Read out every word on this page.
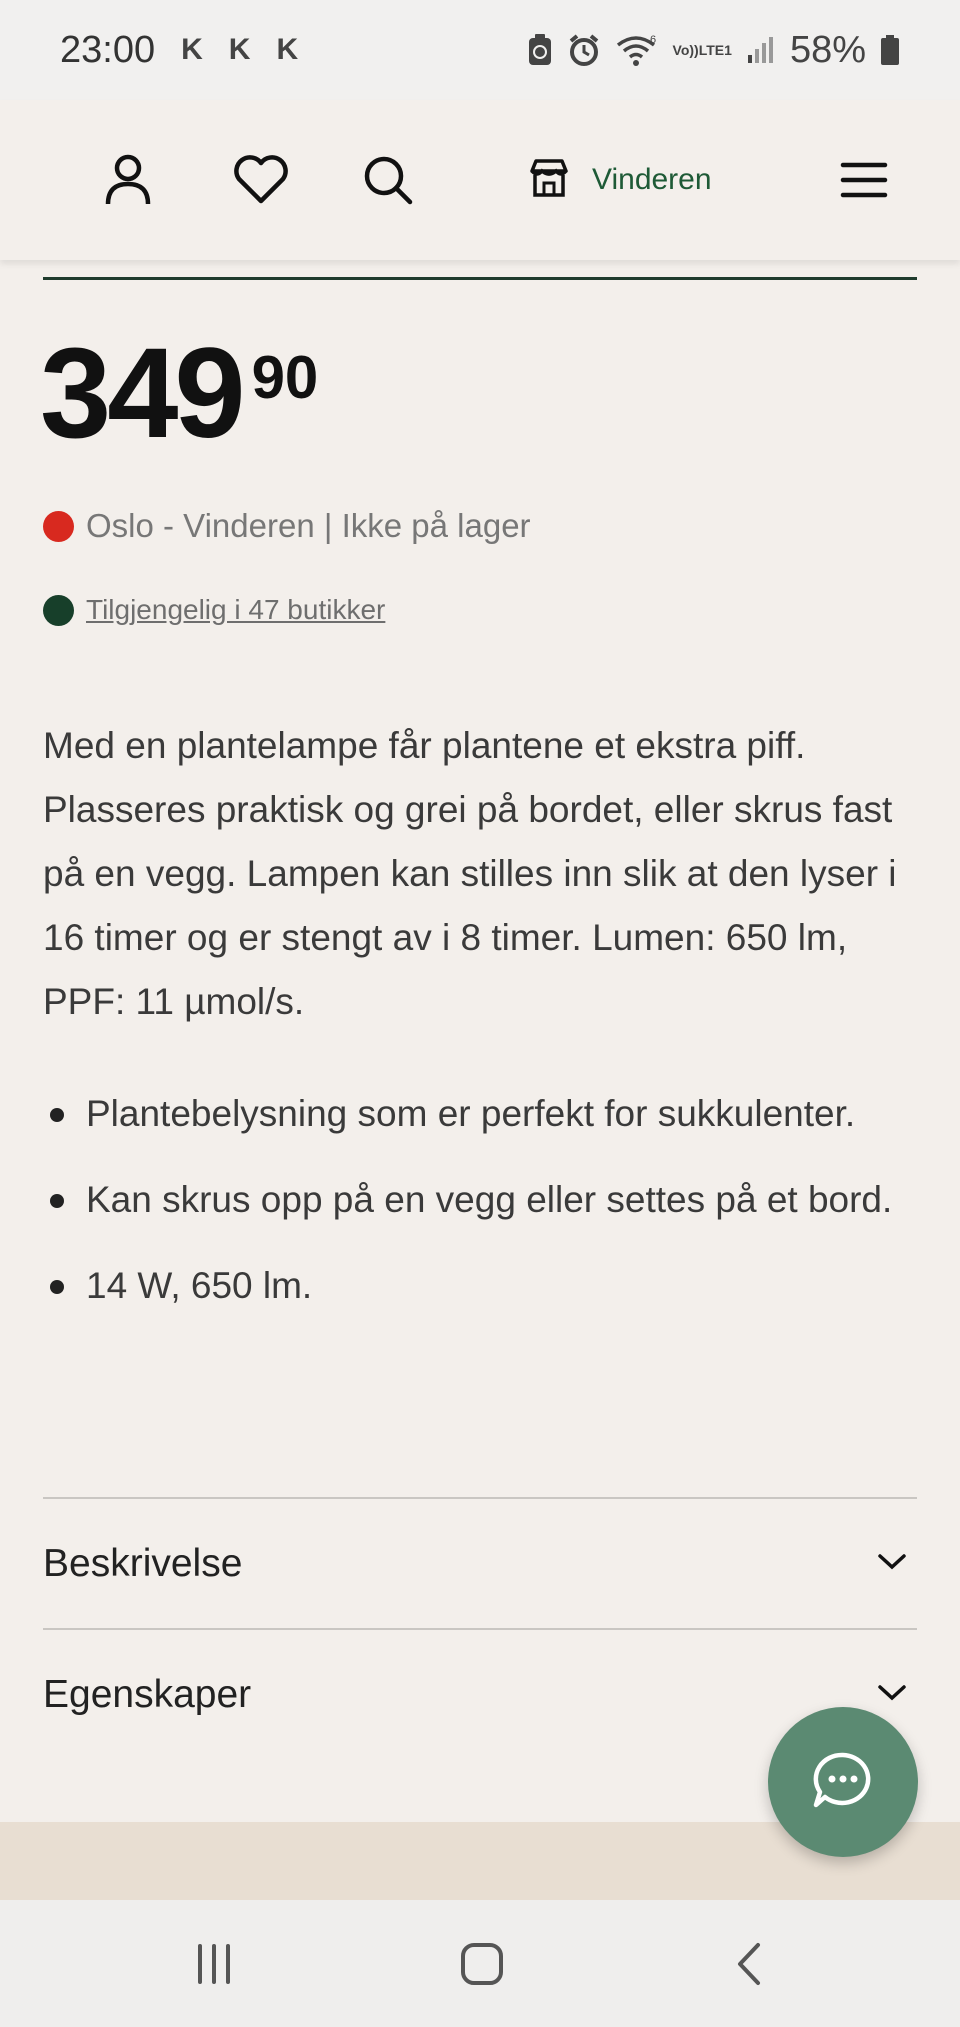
23:00 K K K	6
Vo)) LTE1 58%
Vinderen
349 90
Oslo - Vinderen | Ikke på lager
Tilgjengelig i 47 butikker

Med en plantelampe får plantene et ekstra piff. Plasseres praktisk og grei på bordet, eller skrus fast på en vegg. Lampen kan stilles inn slik at den lyser i 16 timer og er stengt av i 8 timer. Lumen: 650 lm, PPF: 11 µmol/s.

Plantebelysning som er perfekt for sukkulenter.
Kan skrus opp på en vegg eller settes på et bord.
14 W, 650 lm.
Beskrivelse
Egenskaper
